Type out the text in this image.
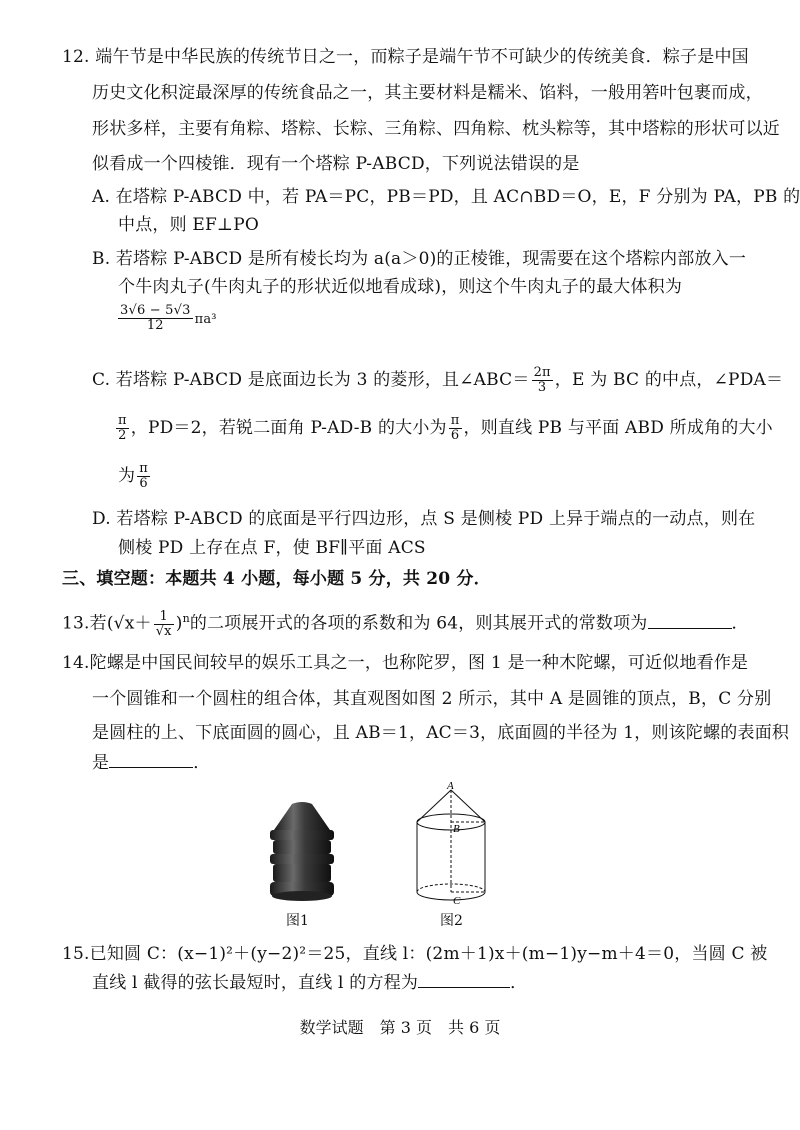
12. 端午节是中华民族的传统节日之一，而粽子是端午节不可缺少的传统美食．粽子是中国
历史文化积淀最深厚的传统食品之一，其主要材料是糯米、馅料，一般用箬叶包裹而成，
形状多样，主要有角粽、塔粽、长粽、三角粽、四角粽、枕头粽等，其中塔粽的形状可以近
似看成一个四棱锥．现有一个塔粽 P-ABCD，下列说法错误的是
A. 在塔粽 P-ABCD 中，若 PA＝PC，PB＝PD，且 AC∩BD＝O，E，F 分别为 PA，PB 的
中点，则 EF⊥PO
B. 若塔粽 P-ABCD 是所有棱长均为 a(a＞0)的正棱锥，现需要在这个塔粽内部放入一
个牛肉丸子(牛肉丸子的形状近似地看成球)，则这个牛肉丸子的最大体积为
$\frac{3√6 - 5√3}{12} \pi a^3$
C. 若塔粽 P-ABCD 是底面边长为 3 的菱形，且∠ABC＝ $\frac{2\pi}{3}$ ，E 为 BC 的中点，∠PDA＝
$\frac{\pi}{2}$ ，PD＝2，若锐二面角 P-AD-B 的大小为 $\frac{\pi}{6}$ ，则直线 PB 与平面 ABD 所成角的大小
为 $\frac{\pi}{6}$
D. 若塔粽 P-ABCD 的底面是平行四边形，点 S 是侧棱 PD 上异于端点的一动点，则在
侧棱 PD 上存在点 F，使 BF∥平面 ACS
三、填空题：本题共 4 小题，每小题 5 分，共 20 分．
13.若$(√x+ \frac{1}{√x} )^n$的二项展开式的各项的系数和为 64，则其展开式的常数项为	．
14.陀螺是中国民间较早的娱乐工具之一，也称陀罗，图 1 是一种木陀螺，可近似地看作是
一个圆锥和一个圆柱的组合体，其直观图如图 2 所示，其中 A 是圆锥的顶点，B，C 分别
是圆柱的上、下底面圆的圆心，且 AB＝1，AC＝3，底面圆的半径为 1，则该陀螺的表面积
是	．
图1
A
B
C
图2
15.已知圆 C：(x−1)²＋(y−2)²＝25，直线 l：(2m＋1)x＋(m−1)y−m＋4＝0，当圆 C 被
直线 l 截得的弦长最短时，直线 l 的方程为	．
数学试题　第 3 页　共 6 页
